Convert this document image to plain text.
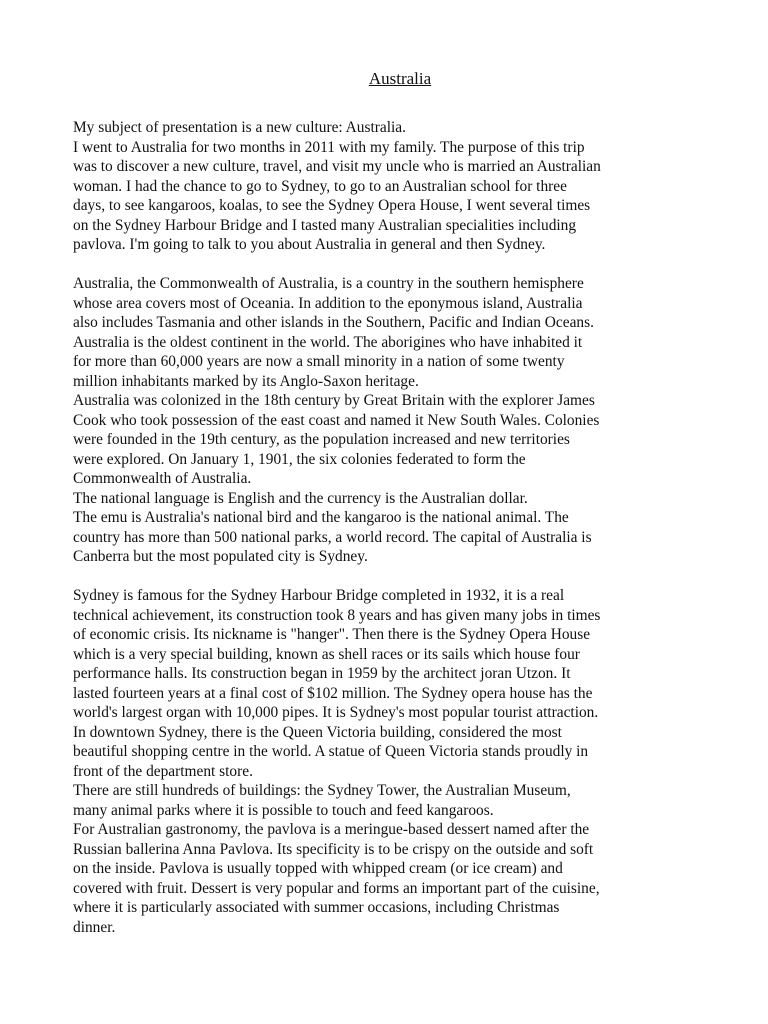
Australia
My subject of presentation is a new culture: Australia.
I went to Australia for two months in 2011 with my family. The purpose of this trip
was to discover a new culture, travel, and visit my uncle who is married an Australian
woman. I had the chance to go to Sydney, to go to an Australian school for three
days, to see kangaroos, koalas, to see the Sydney Opera House, I went several times
on the Sydney Harbour Bridge and I tasted many Australian specialities including
pavlova. I'm going to talk to you about Australia in general and then Sydney.
Australia, the Commonwealth of Australia, is a country in the southern hemisphere
whose area covers most of Oceania. In addition to the eponymous island, Australia
also includes Tasmania and other islands in the Southern, Pacific and Indian Oceans.
Australia is the oldest continent in the world. The aborigines who have inhabited it
for more than 60,000 years are now a small minority in a nation of some twenty
million inhabitants marked by its Anglo-Saxon heritage.
Australia was colonized in the 18th century by Great Britain with the explorer James
Cook who took possession of the east coast and named it New South Wales. Colonies
were founded in the 19th century, as the population increased and new territories
were explored. On January 1, 1901, the six colonies federated to form the
Commonwealth of Australia.
The national language is English and the currency is the Australian dollar.
The emu is Australia's national bird and the kangaroo is the national animal. The
country has more than 500 national parks, a world record. The capital of Australia is
Canberra but the most populated city is Sydney.
Sydney is famous for the Sydney Harbour Bridge completed in 1932, it is a real
technical achievement, its construction took 8 years and has given many jobs in times
of economic crisis. Its nickname is "hanger". Then there is the Sydney Opera House
which is a very special building, known as shell races or its sails which house four
performance halls. Its construction began in 1959 by the architect joran Utzon. It
lasted fourteen years at a final cost of $102 million. The Sydney opera house has the
world's largest organ with 10,000 pipes. It is Sydney's most popular tourist attraction.
In downtown Sydney, there is the Queen Victoria building, considered the most
beautiful shopping centre in the world. A statue of Queen Victoria stands proudly in
front of the department store.
There are still hundreds of buildings: the Sydney Tower, the Australian Museum,
many animal parks where it is possible to touch and feed kangaroos.
For Australian gastronomy, the pavlova is a meringue-based dessert named after the
Russian ballerina Anna Pavlova. Its specificity is to be crispy on the outside and soft
on the inside. Pavlova is usually topped with whipped cream (or ice cream) and
covered with fruit. Dessert is very popular and forms an important part of the cuisine,
where it is particularly associated with summer occasions, including Christmas
dinner.
